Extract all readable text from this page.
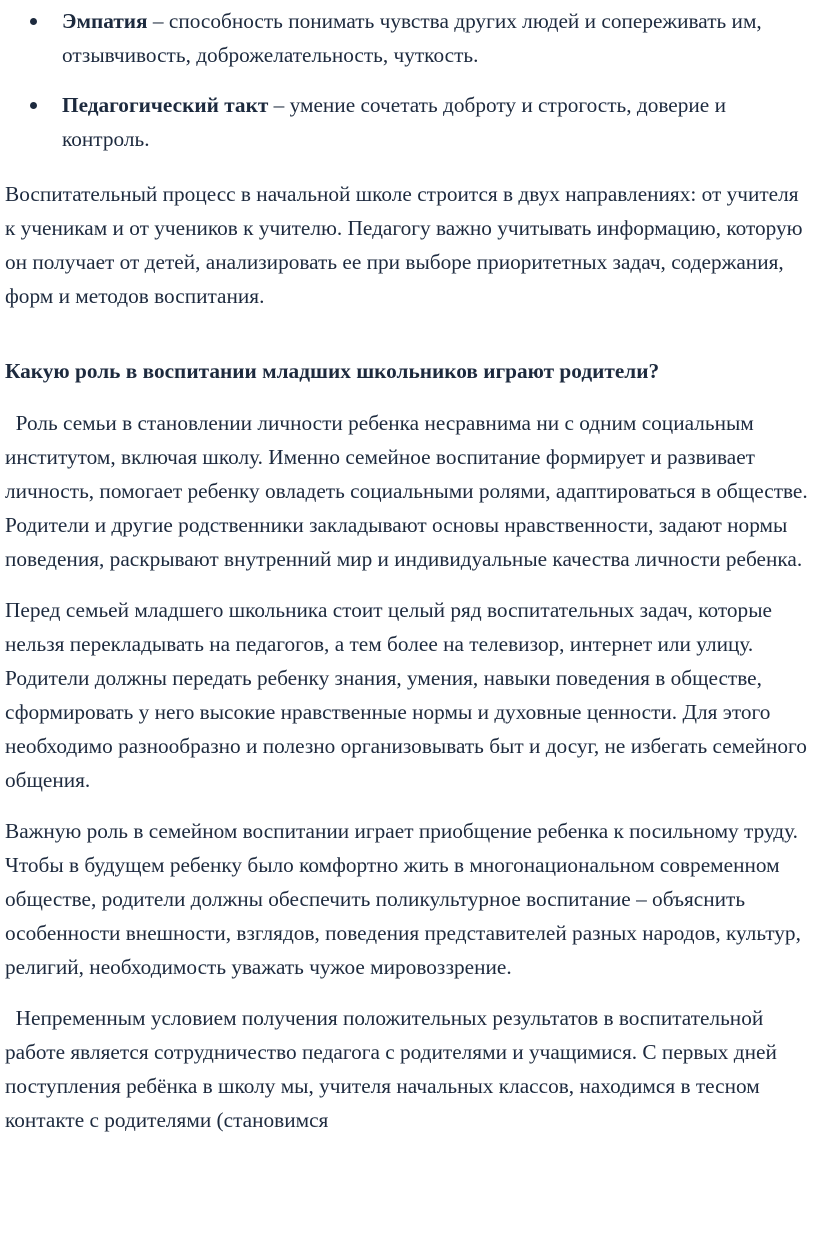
Эмпатия – способность понимать чувства других людей и сопереживать им, отзывчивость, доброжелательность, чуткость.
Педагогический такт – умение сочетать доброту и строгость, доверие и контроль.

Воспитательный процесс в начальной школе строится в двух направлениях: от учителя к ученикам и от учеников к учителю. Педагогу важно учитывать информацию, которую он получает от детей, анализировать ее при выборе приоритетных задач, содержания, форм и методов воспитания.

Какую роль в воспитании младших школьников играют родители?

Роль семьи в становлении личности ребенка несравнима ни с одним социальным институтом, включая школу. Именно семейное воспитание формирует и развивает личность, помогает ребенку овладеть социальными ролями, адаптироваться в обществе. Родители и другие родственники закладывают основы нравственности, задают нормы поведения, раскрывают внутренний мир и индивидуальные качества личности ребенка.

Перед семьей младшего школьника стоит целый ряд воспитательных задач, которые нельзя перекладывать на педагогов, а тем более на телевизор, интернет или улицу. Родители должны передать ребенку знания, умения, навыки поведения в обществе, сформировать у него высокие нравственные нормы и духовные ценности. Для этого необходимо разнообразно и полезно организовывать быт и досуг, не избегать семейного общения.

Важную роль в семейном воспитании играет приобщение ребенка к посильному труду. Чтобы в будущем ребенку было комфортно жить в многонациональном современном обществе, родители должны обеспечить поликультурное воспитание – объяснить особенности внешности, взглядов, поведения представителей разных народов, культур, религий, необходимость уважать чужое мировоззрение.

Непременным условием получения положительных результатов в воспитательной работе является сотрудничество педагога с родителями и учащимися. С первых дней поступления ребёнка в школу мы, учителя начальных классов, находимся в тесном контакте с родителями (становимся
